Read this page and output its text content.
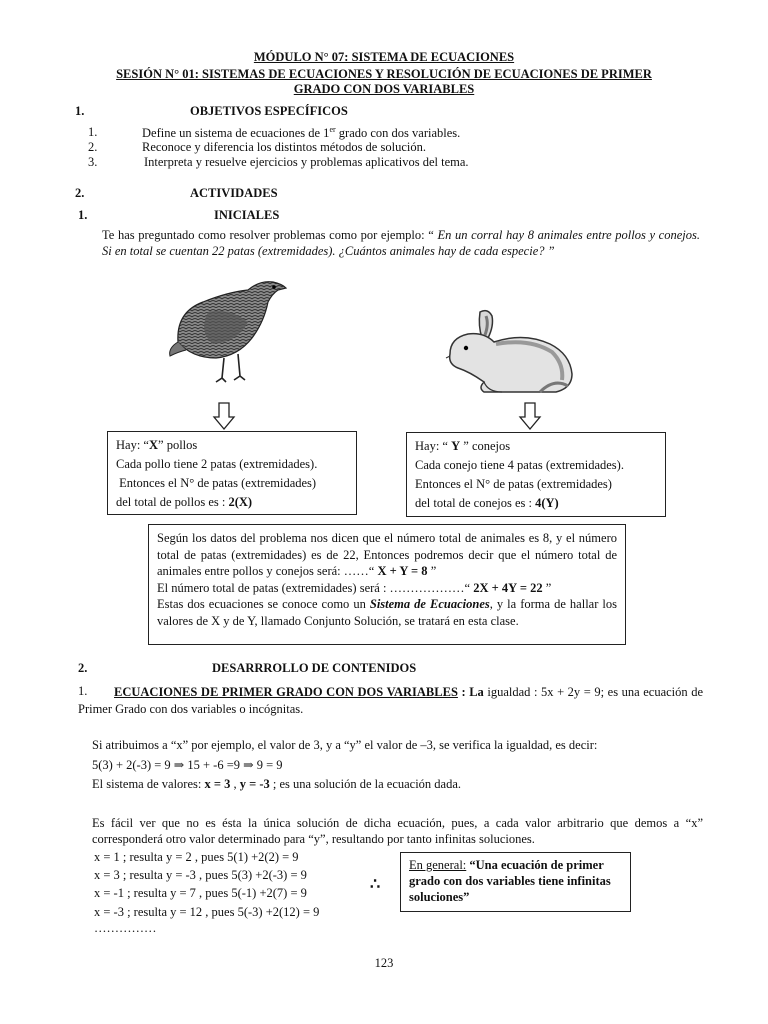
MÓDULO N° 07: SISTEMA DE ECUACIONES
SESIÓN N° 01: SISTEMAS DE ECUACIONES Y RESOLUCIÓN DE ECUACIONES DE PRIMER
GRADO CON DOS VARIABLES
1.	OBJETIVOS ESPECÍFICOS
1.	Define un sistema de ecuaciones de 1er grado con dos variables.
2.	Reconoce y diferencia los distintos métodos de solución.
3.	Interpreta y resuelve ejercicios y problemas aplicativos del tema.
2.	ACTIVIDADES
1.	INICIALES
Te has preguntado como resolver problemas como por ejemplo: “ En un corral hay 8 animales entre pollos y conejos. Si en total se cuentan 22 patas (extremidades). ¿Cuántos animales hay de cada especie? ”
Hay: “X” pollos
Cada pollo tiene 2 patas (extremidades).
Entonces el N° de patas (extremidades)
del total de pollos es : 2(X)
Hay: “ Y ” conejos
Cada conejo tiene 4 patas (extremidades).
Entonces el N° de patas (extremidades)
del total de conejos es : 4(Y)
Según los datos del problema nos dicen que el número total de animales es 8, y el número total de patas (extremidades) es de 22, Entonces podremos decir que el número total de animales entre pollos y conejos será: ……“ X + Y = 8 ”
El número total de patas (extremidades) será : ………………“ 2X + 4Y = 22 ”
Estas dos ecuaciones se conoce como un Sistema de Ecuaciones, y la forma de hallar los valores de X y de Y, llamado Conjunto Solución, se tratará en esta clase.
2.	DESARRROLLO DE CONTENIDOS
1.	ECUACIONES DE PRIMER GRADO CON DOS VARIABLES : La igualdad : 5x + 2y = 9; es una ecuación de Primer Grado con dos variables o incógnitas.
Si atribuimos a “x” por ejemplo, el valor de 3, y a “y” el valor de –3, se verifica la igualdad, es decir:
5(3) + 2(-3) = 9 ⇒ 15 + -6 =9 ⇒ 9 = 9
El sistema de valores: x = 3 , y = -3 ; es una solución de la ecuación dada.
Es fácil ver que no es ésta la única solución de dicha ecuación, pues, a cada valor arbitrario que demos a “x” corresponderá otro valor determinado para “y”, resultando por tanto infinitas soluciones.
x = 1 ; resulta y = 2 , pues 5(1) +2(2) = 9
x = 3 ; resulta y = -3 , pues 5(3) +2(-3) = 9
x = -1 ; resulta y = 7 , pues 5(-1) +2(7) = 9
x = -3 ; resulta y = 12 , pues 5(-3) +2(12) = 9
……………
∴
En general: “Una ecuación de primer grado con dos variables tiene infinitas soluciones”
123
